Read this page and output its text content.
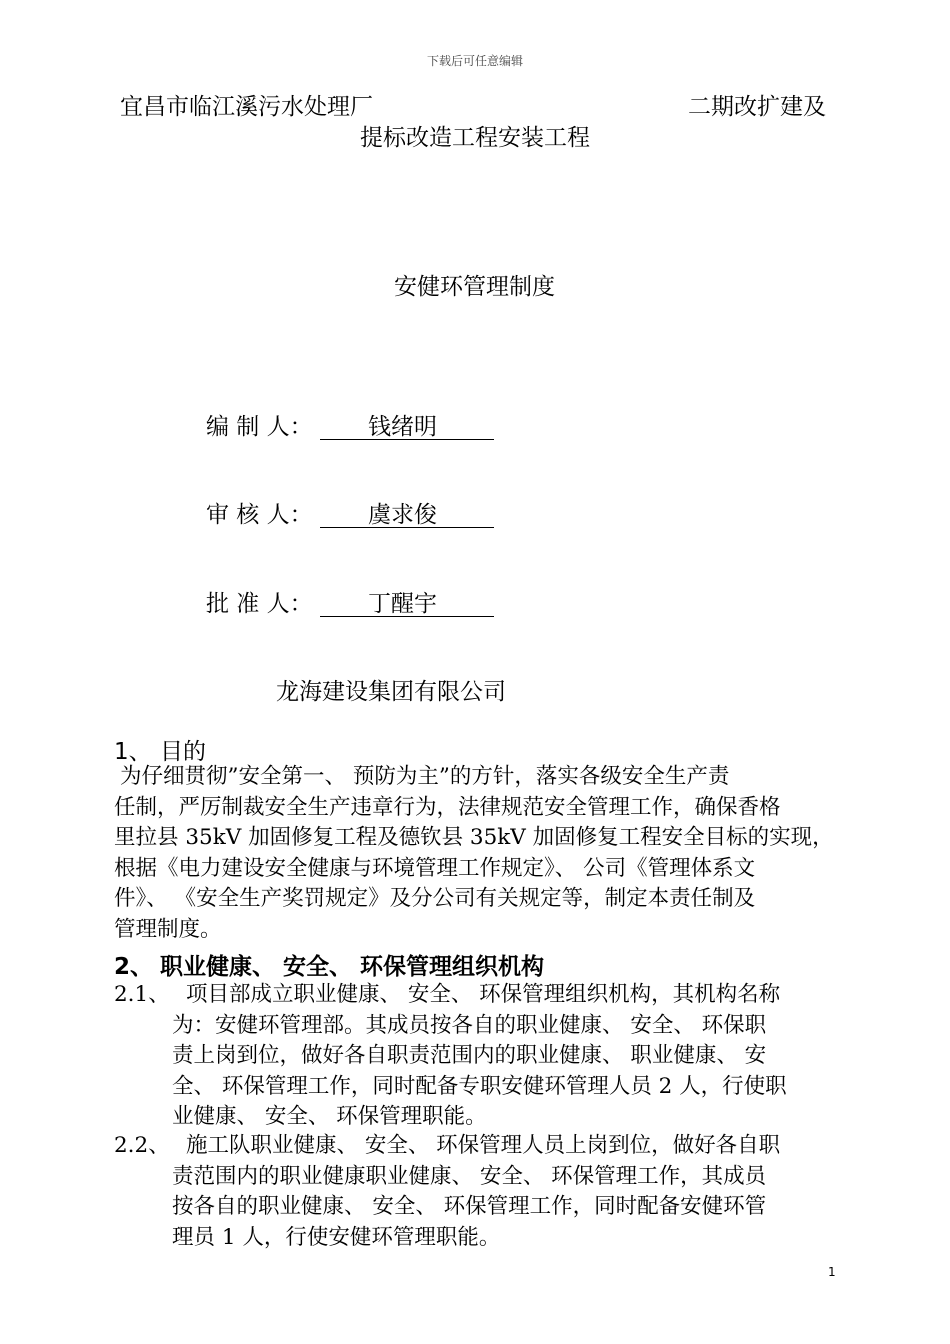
下载后可任意编辑
宜昌市临江溪污水处理厂	二期改扩建及
提标改造工程安装工程
安健环管理制度
编 制 人： 钱绪明
审 核 人： 虞求俊
批 准 人： 丁醒宇
龙海建设集团有限公司
1、 目的
为仔细贯彻”安全第一、 预防为主”的方针，落实各级安全生产责
任制，严厉制裁安全生产违章行为，法律规范安全管理工作，确保香格
里拉县 35kV 加固修复工程及德钦县 35kV 加固修复工程安全目标的实现，
根据《电力建设安全健康与环境管理工作规定》、 公司《管理体系文
件》、 《安全生产奖罚规定》及分公司有关规定等，制定本责任制及
管理制度。
2、 职业健康、 安全、 环保管理组织机构
2.1、 项目部成立职业健康、 安全、 环保管理组织机构，其机构名称
为：安健环管理部。其成员按各自的职业健康、 安全、 环保职
责上岗到位，做好各自职责范围内的职业健康、 职业健康、 安
全、 环保管理工作，同时配备专职安健环管理人员 2 人，行使职
业健康、 安全、 环保管理职能。
2.2、 施工队职业健康、 安全、 环保管理人员上岗到位，做好各自职
责范围内的职业健康职业健康、 安全、 环保管理工作，其成员
按各自的职业健康、 安全、 环保管理工作，同时配备安健环管
理员 1 人，行使安健环管理职能。
1
